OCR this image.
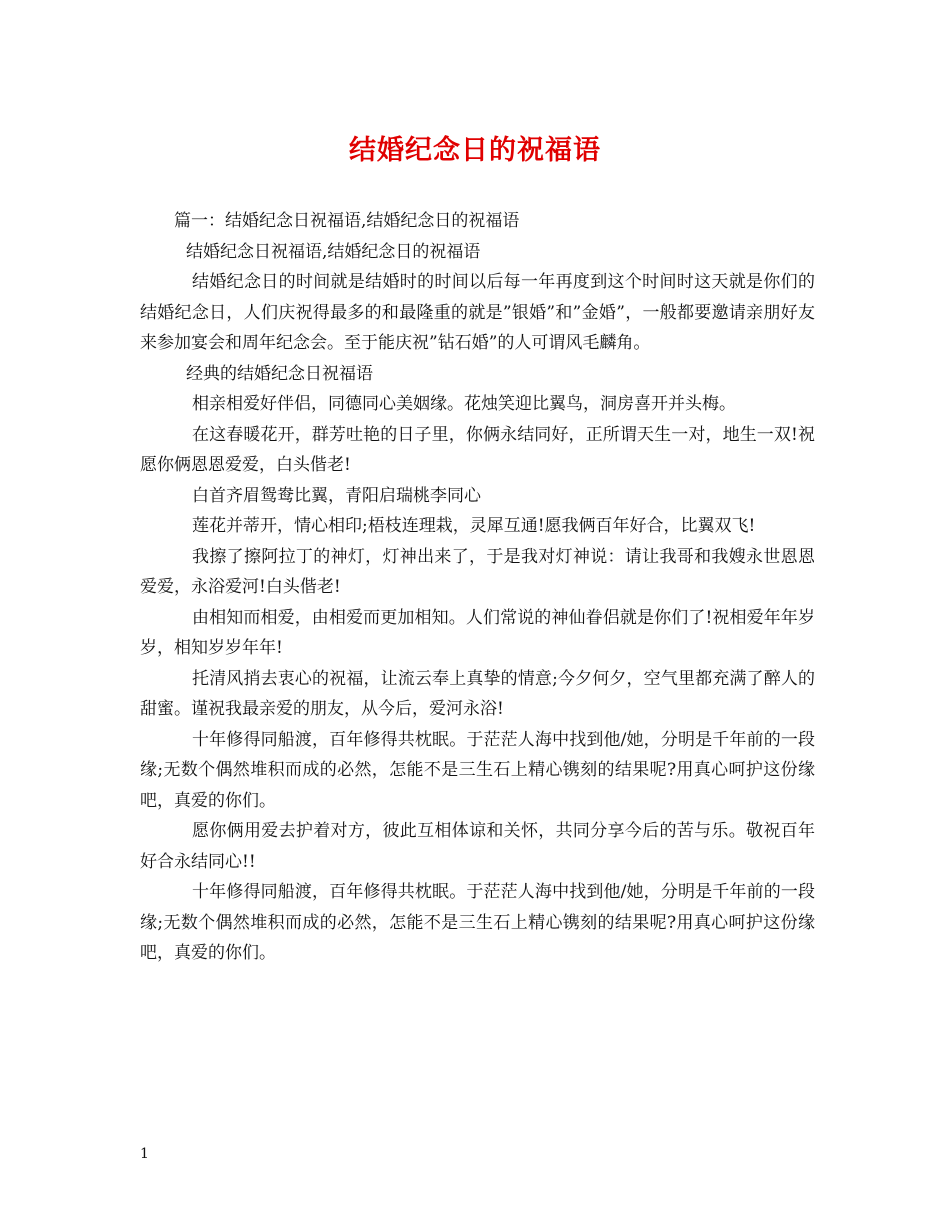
结婚纪念日的祝福语

篇一：结婚纪念日祝福语,结婚纪念日的祝福语

结婚纪念日祝福语,结婚纪念日的祝福语

结婚纪念日的时间就是结婚时的时间以后每一年再度到这个时间时这天就是你们的结婚纪念日，人们庆祝得最多的和最隆重的就是”银婚”和”金婚”，一般都要邀请亲朋好友来参加宴会和周年纪念会。至于能庆祝”钻石婚”的人可谓风毛麟角。

经典的结婚纪念日祝福语

相亲相爱好伴侣，同德同心美姻缘。花烛笑迎比翼鸟，洞房喜开并头梅。

在这春暖花开，群芳吐艳的日子里，你俩永结同好，正所谓天生一对，地生一双!祝愿你俩恩恩爱爱，白头偕老!

白首齐眉鸳鸯比翼，青阳启瑞桃李同心

莲花并蒂开，情心相印;梧枝连理栽，灵犀互通!愿我俩百年好合，比翼双飞!

我擦了擦阿拉丁的神灯，灯神出来了，于是我对灯神说：请让我哥和我嫂永世恩恩爱爱，永浴爱河!白头偕老!

由相知而相爱，由相爱而更加相知。人们常说的神仙眷侣就是你们了!祝相爱年年岁岁，相知岁岁年年!

托清风捎去衷心的祝福，让流云奉上真挚的情意;今夕何夕，空气里都充满了醉人的甜蜜。谨祝我最亲爱的朋友，从今后，爱河永浴!

十年修得同船渡，百年修得共枕眠。于茫茫人海中找到他/她，分明是千年前的一段缘;无数个偶然堆积而成的必然，怎能不是三生石上精心镌刻的结果呢?用真心呵护这份缘吧，真爱的你们。

愿你俩用爱去护着对方，彼此互相体谅和关怀，共同分享今后的苦与乐。敬祝百年好合永结同心!!

十年修得同船渡，百年修得共枕眠。于茫茫人海中找到他/她，分明是千年前的一段缘;无数个偶然堆积而成的必然，怎能不是三生石上精心镌刻的结果呢?用真心呵护这份缘吧，真爱的你们。

1
